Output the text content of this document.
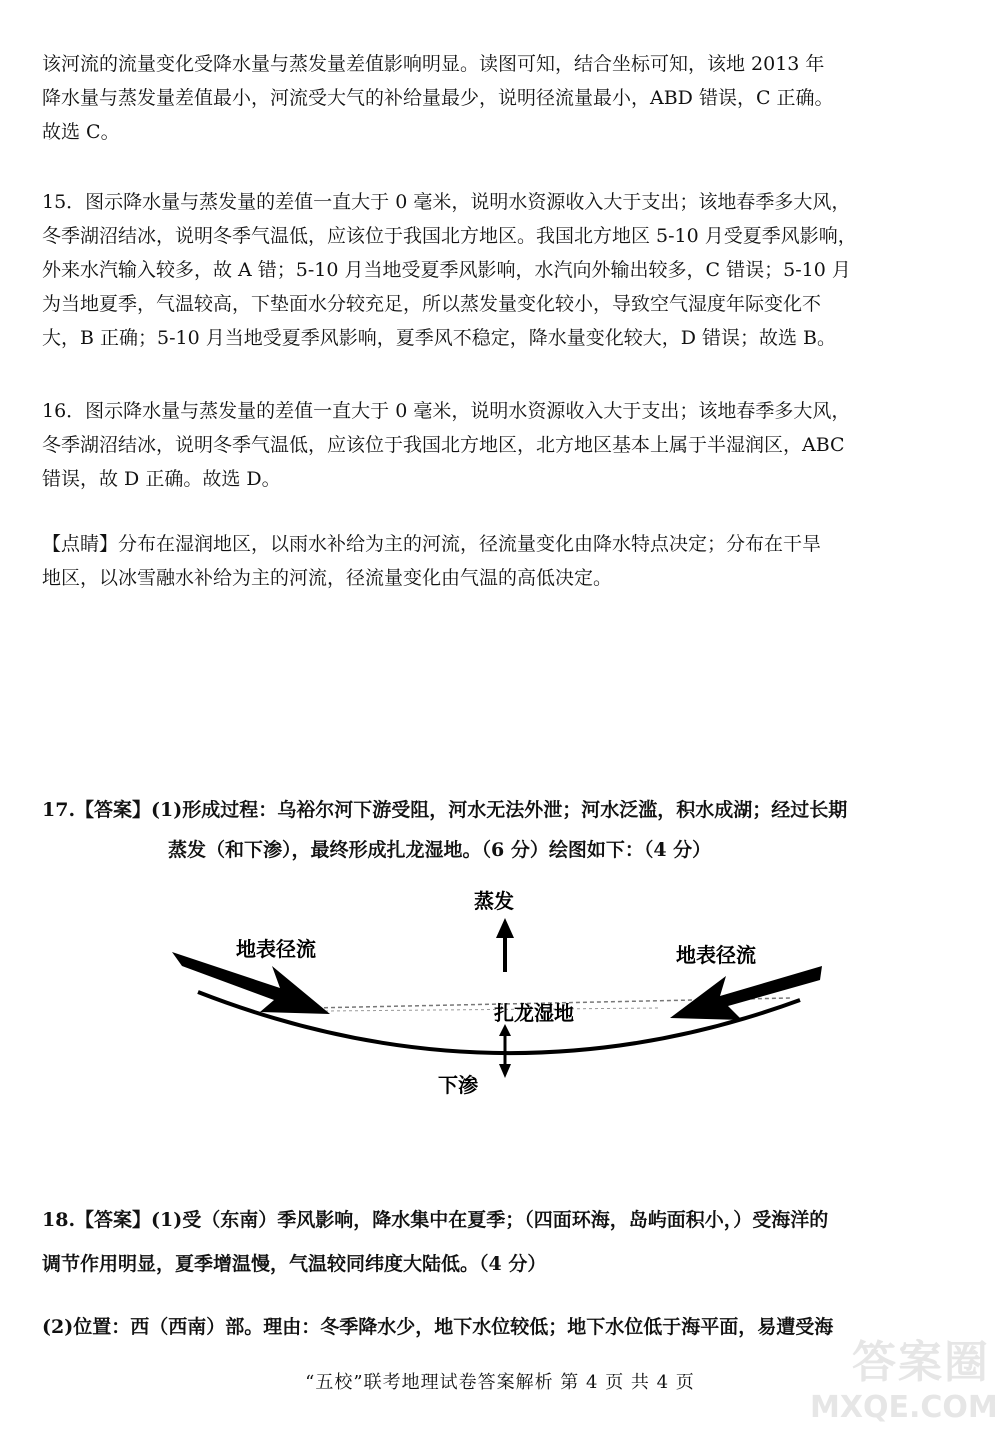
该河流的流量变化受降水量与蒸发量差值影响明显。读图可知，结合坐标可知，该地 2013 年
降水量与蒸发量差值最小，河流受大气的补给量最少，说明径流量最小，ABD 错误，C 正确。
故选 C。
15．图示降水量与蒸发量的差值一直大于 0 毫米，说明水资源收入大于支出；该地春季多大风，
冬季湖沼结冰，说明冬季气温低，应该位于我国北方地区。我国北方地区 5-10 月受夏季风影响，
外来水汽输入较多，故 A 错；5-10 月当地受夏季风影响，水汽向外输出较多，C 错误；5-10 月
为当地夏季，气温较高，下垫面水分较充足，所以蒸发量变化较小，导致空气湿度年际变化不
大，B 正确；5-10 月当地受夏季风影响，夏季风不稳定，降水量变化较大，D 错误；故选 B。
16．图示降水量与蒸发量的差值一直大于 0 毫米，说明水资源收入大于支出；该地春季多大风，
冬季湖沼结冰，说明冬季气温低，应该位于我国北方地区，北方地区基本上属于半湿润区，ABC
错误，故 D 正确。故选 D。
【点睛】分布在湿润地区，以雨水补给为主的河流，径流量变化由降水特点决定；分布在干旱
地区，以冰雪融水补给为主的河流，径流量变化由气温的高低决定。
17.【答案】(1)形成过程：乌裕尔河下游受阻，河水无法外泄；河水泛滥，积水成湖；经过长期
蒸发（和下渗），最终形成扎龙湿地。（6 分）绘图如下：（4 分）
蒸发
地表径流	地表径流
扎龙湿地
下渗
18.【答案】(1)受（东南）季风影响，降水集中在夏季；（四面环海，岛屿面积小，）受海洋的
调节作用明显，夏季增温慢，气温较同纬度大陆低。（4 分）
(2)位置：西（西南）部。理由：冬季降水少，地下水位较低；地下水位低于海平面，易遭受海
“五校”联考地理试卷答案解析 第 4 页 共 4 页	答案圈
MXQE.COM
